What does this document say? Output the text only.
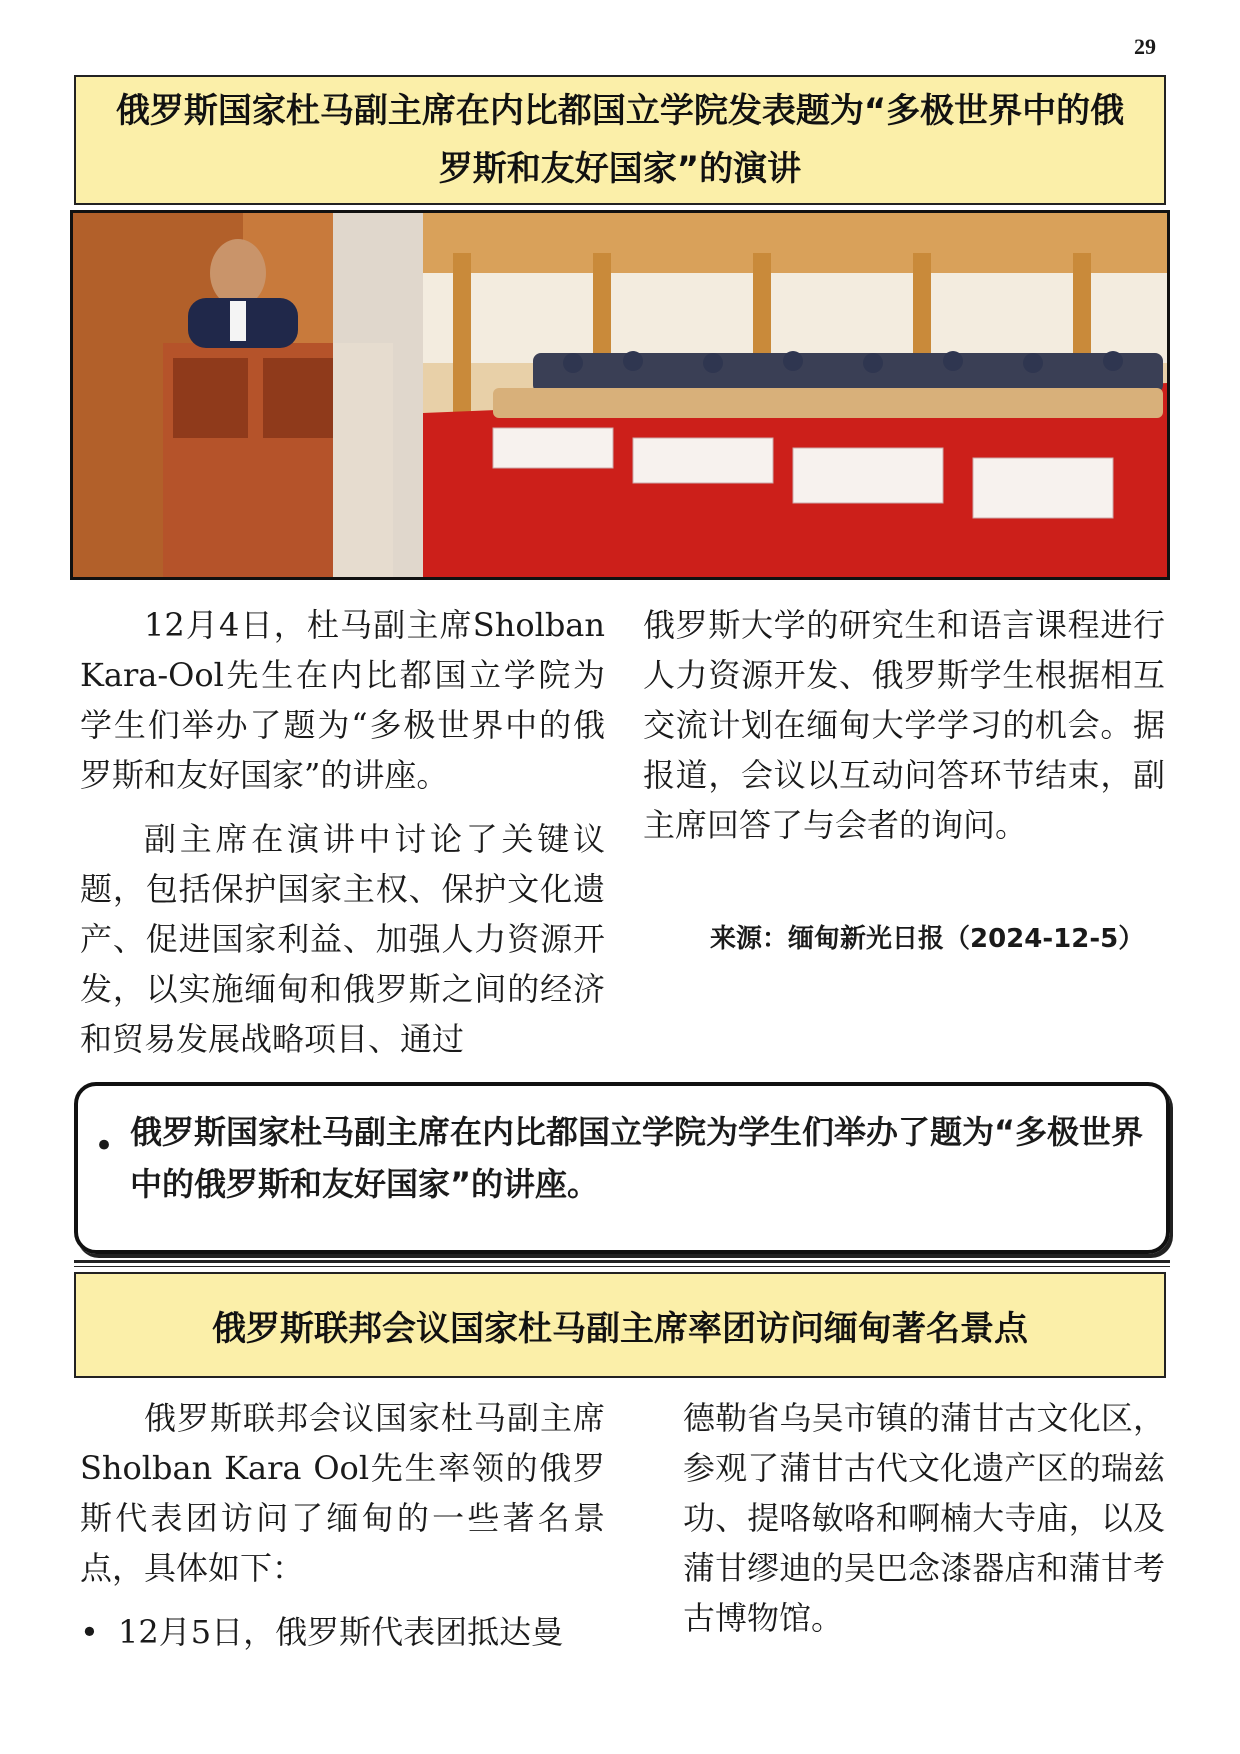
29
俄罗斯国家杜马副主席在内比都国立学院发表题为“多极世界中的俄罗斯和友好国家”的演讲

12月4日，杜马副主席Sholban Kara-Ool先生在内比都国立学院为学生们举办了题为“多极世界中的俄罗斯和友好国家”的讲座。

副主席在演讲中讨论了关键议题，包括保护国家主权、保护文化遗产、促进国家利益、加强人力资源开发，以实施缅甸和俄罗斯之间的经济和贸易发展战略项目、通过

俄罗斯大学的研究生和语言课程进行人力资源开发、俄罗斯学生根据相互交流计划在缅甸大学学习的机会。据报道，会议以互动问答环节结束，副主席回答了与会者的询问。

来源：缅甸新光日报（2024-12-5）
• 俄罗斯国家杜马副主席在内比都国立学院为学生们举办了题为“多极世界中的俄罗斯和友好国家”的讲座。
俄罗斯联邦会议国家杜马副主席率团访问缅甸著名景点

俄罗斯联邦会议国家杜马副主席Sholban Kara Ool先生率领的俄罗斯代表团访问了缅甸的一些著名景点，具体如下：

• 12月5日，俄罗斯代表团抵达曼

德勒省乌吴市镇的蒲甘古文化区，参观了蒲甘古代文化遗产区的瑞兹功、提咯敏咯和啊楠大寺庙，以及蒲甘缪迪的吴巴念漆器店和蒲甘考古博物馆。
